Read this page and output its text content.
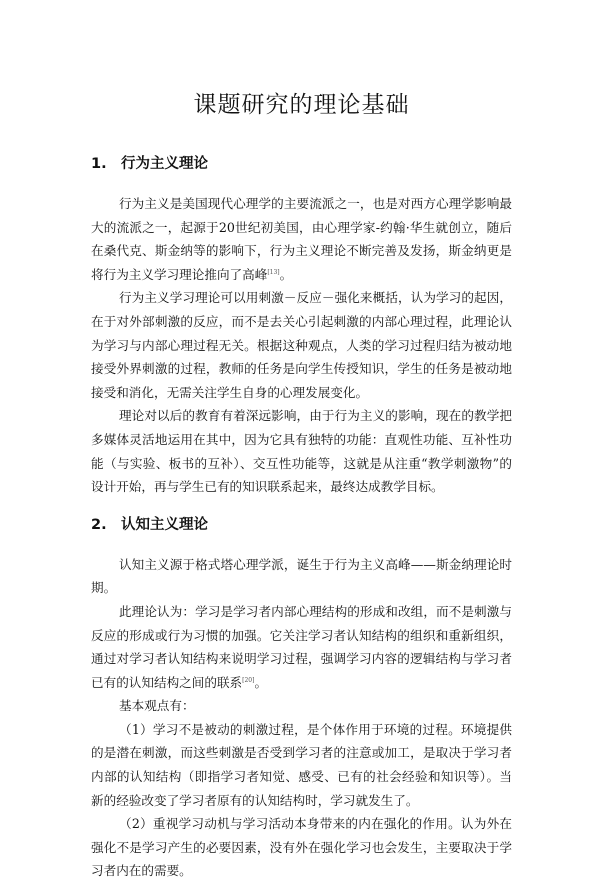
课题研究的理论基础
1. 行为主义理论

行为主义是美国现代心理学的主要流派之一，也是对西方心理学影响最大的流派之一，起源于20世纪初美国，由心理学家-约翰·华生就创立，随后在桑代克、斯金纳等的影响下，行为主义理论不断完善及发扬，斯金纳更是将行为主义学习理论推向了高峰[13]。

行为主义学习理论可以用刺激－反应－强化来概括，认为学习的起因，在于对外部刺激的反应，而不是去关心引起刺激的内部心理过程，此理论认为学习与内部心理过程无关。根据这种观点，人类的学习过程归结为被动地接受外界刺激的过程，教师的任务是向学生传授知识，学生的任务是被动地接受和消化，无需关注学生自身的心理发展变化。

理论对以后的教育有着深远影响，由于行为主义的影响，现在的教学把多媒体灵活地运用在其中，因为它具有独特的功能：直观性功能、互补性功能（与实验、板书的互补）、交互性功能等，这就是从注重“教学刺激物”的设计开始，再与学生已有的知识联系起来，最终达成教学目标。

2. 认知主义理论

认知主义源于格式塔心理学派，诞生于行为主义高峰——斯金纳理论时期。

此理论认为：学习是学习者内部心理结构的形成和改组，而不是刺激与反应的形成或行为习惯的加强。它关注学习者认知结构的组织和重新组织，通过对学习者认知结构来说明学习过程，强调学习内容的逻辑结构与学习者已有的认知结构之间的联系[20]。

基本观点有：

（1）学习不是被动的刺激过程，是个体作用于环境的过程。环境提供的是潜在刺激，而这些刺激是否受到学习者的注意或加工，是取决于学习者内部的认知结构（即指学习者知觉、感受、已有的社会经验和知识等）。当新的经验改变了学习者原有的认知结构时，学习就发生了。

（2）重视学习动机与学习活动本身带来的内在强化的作用。认为外在强化不是学习产生的必要因素，没有外在强化学习也会发生，主要取决于学习者内在的需要。
